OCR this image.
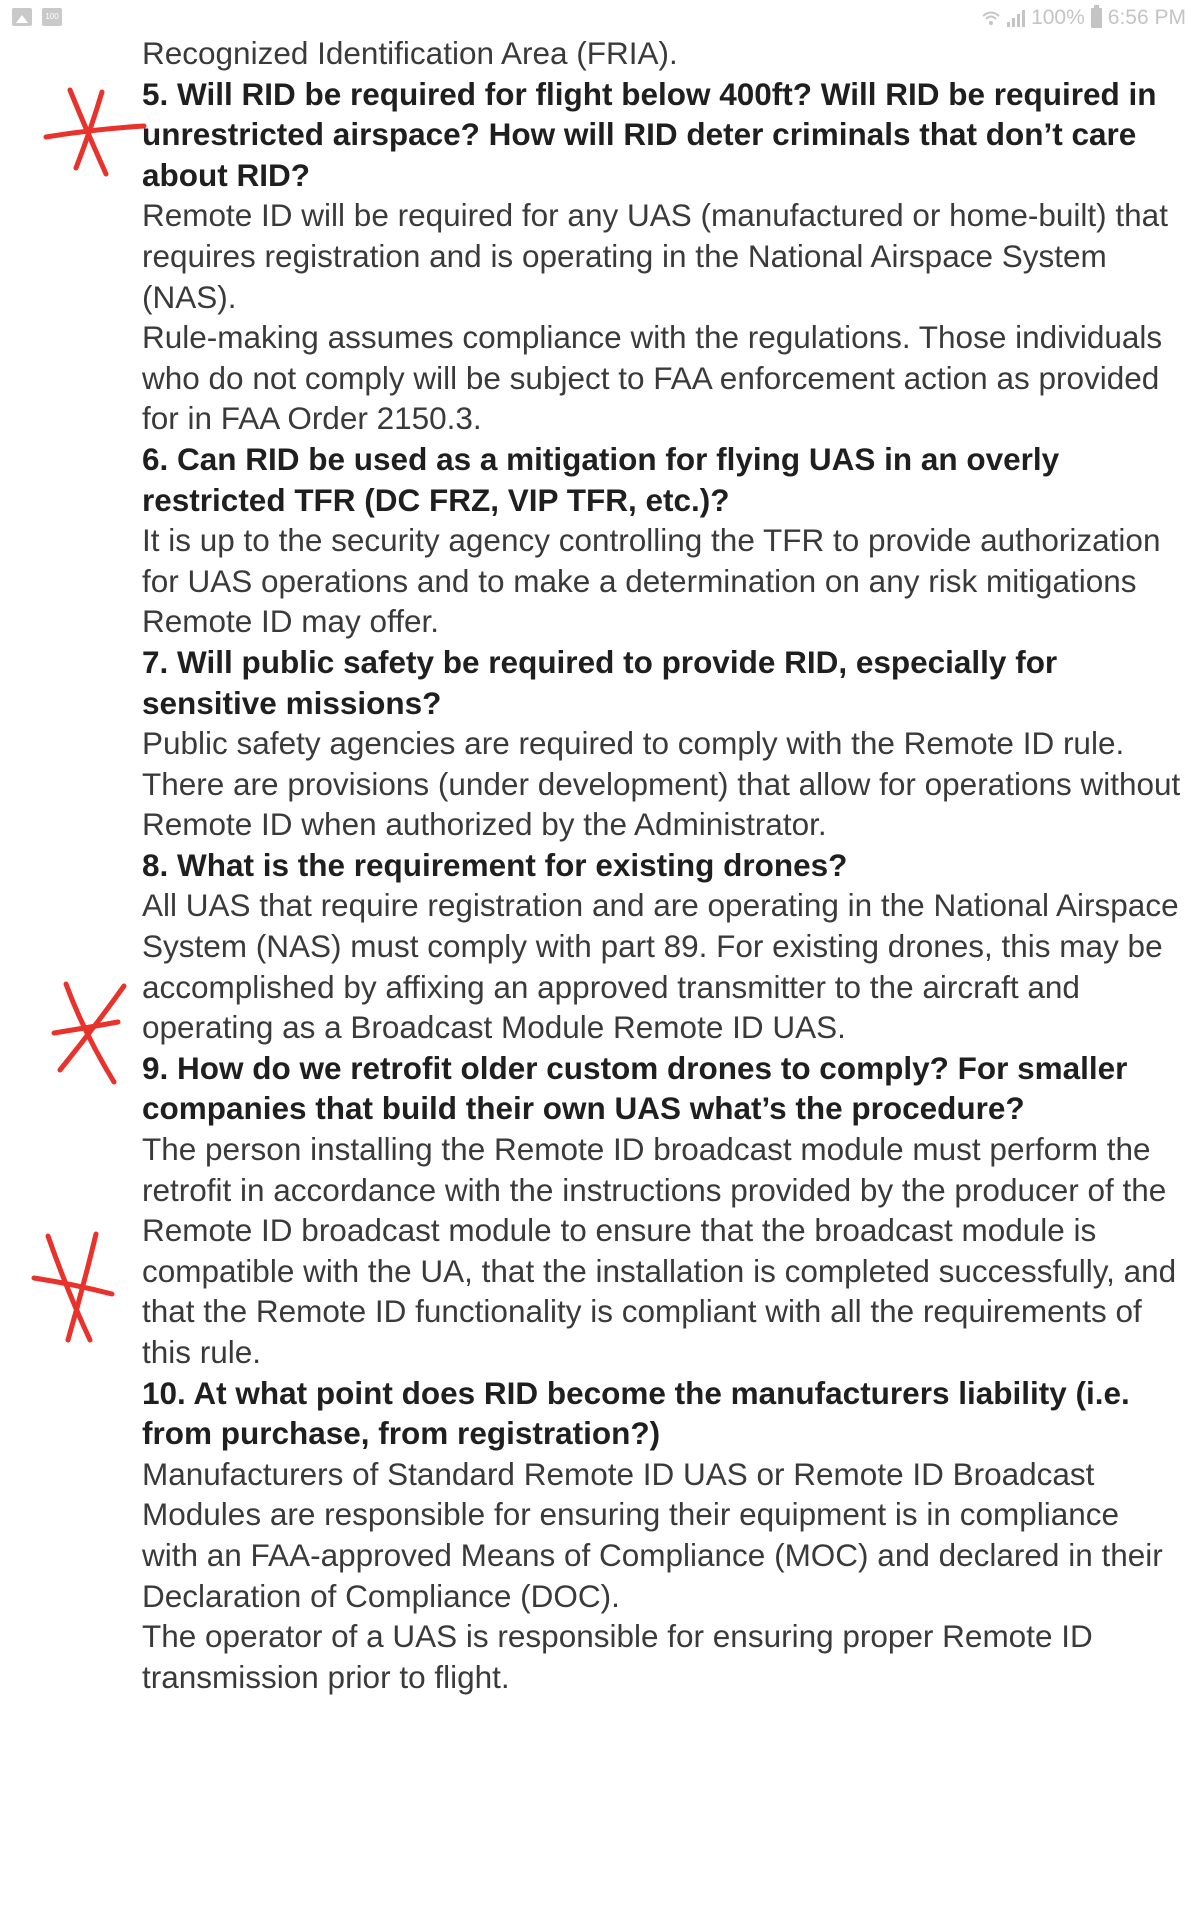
100	100% 6:56 PM
Recognized Identification Area (FRIA).
5. Will RID be required for flight below 400ft? Will RID be required in unrestricted airspace? How will RID deter criminals that don’t care about RID?
Remote ID will be required for any UAS (manufactured or home-built) that requires registration and is operating in the National Airspace System (NAS).
Rule-making assumes compliance with the regulations. Those individuals who do not comply will be subject to FAA enforcement action as provided for in FAA Order 2150.3.
6. Can RID be used as a mitigation for flying UAS in an overly restricted TFR (DC FRZ, VIP TFR, etc.)?
It is up to the security agency controlling the TFR to provide authorization for UAS operations and to make a determination on any risk mitigations Remote ID may offer.
7. Will public safety be required to provide RID, especially for sensitive missions?
Public safety agencies are required to comply with the Remote ID rule. There are provisions (under development) that allow for operations without Remote ID when authorized by the Administrator.
8. What is the requirement for existing drones?
All UAS that require registration and are operating in the National Airspace System (NAS) must comply with part 89. For existing drones, this may be accomplished by affixing an approved transmitter to the aircraft and operating as a Broadcast Module Remote ID UAS.
9. How do we retrofit older custom drones to comply? For smaller companies that build their own UAS what’s the procedure?
The person installing the Remote ID broadcast module must perform the retrofit in accordance with the instructions provided by the producer of the Remote ID broadcast module to ensure that the broadcast module is compatible with the UA, that the installation is completed successfully, and that the Remote ID functionality is compliant with all the requirements of this rule.
10. At what point does RID become the manufacturers liability (i.e. from purchase, from registration?)
Manufacturers of Standard Remote ID UAS or Remote ID Broadcast Modules are responsible for ensuring their equipment is in compliance with an FAA-approved Means of Compliance (MOC) and declared in their Declaration of Compliance (DOC).
The operator of a UAS is responsible for ensuring proper Remote ID transmission prior to flight.
